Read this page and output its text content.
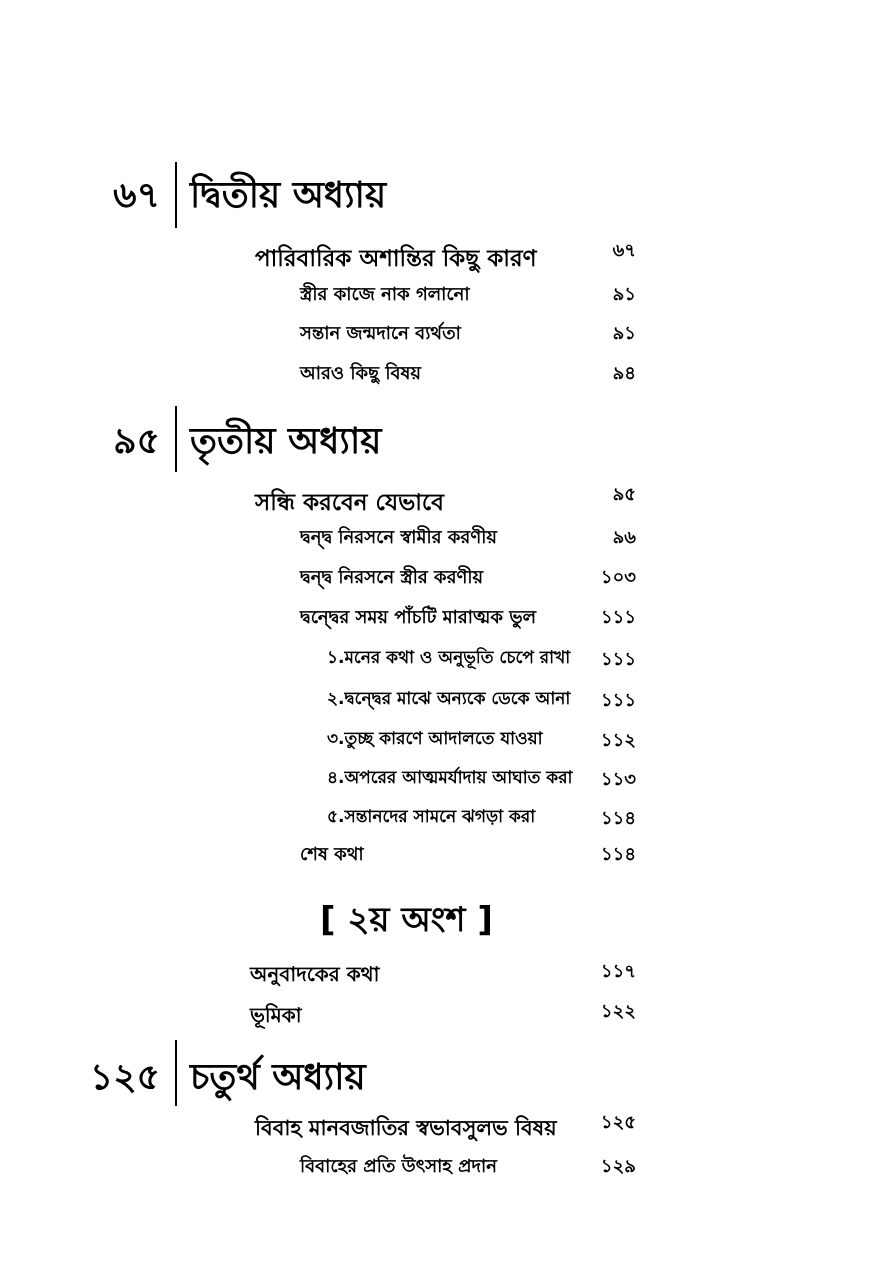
৬৭ দ্বিতীয় অধ্যায়
পারিবারিক অশান্তির কিছু কারণ	৬৭
স্ত্রীর কাজে নাক গলানো	৯১
সন্তান জন্মদানে ব্যর্থতা	৯১
আরও কিছু বিষয়	৯৪
৯৫ তৃতীয় অধ্যায়
সন্ধি করবেন যেভাবে	৯৫
দ্বন্দ্ব নিরসনে স্বামীর করণীয়	৯৬
দ্বন্দ্ব নিরসনে স্ত্রীর করণীয়	১০৩
দ্বন্দ্বের সময় পাঁচটি মারাত্মক ভুল	১১১
১.মনের কথা ও অনুভূতি চেপে রাখা	১১১
২.দ্বন্দ্বের মাঝে অন্যকে ডেকে আনা	১১১
৩.তুচ্ছ কারণে আদালতে যাওয়া	১১২
৪.অপরের আত্মমর্যাদায় আঘাত করা	১১৩
৫.সন্তানদের সামনে ঝগড়া করা	১১৪
শেষ কথা	১১৪
[ ২য় অংশ ]
অনুবাদকের কথা	১১৭
ভূমিকা	১২২
১২৫ চতুর্থ অধ্যায়
বিবাহ মানবজাতির স্বভাবসুলভ বিষয়	১২৫
বিবাহের প্রতি উৎসাহ প্রদান	১২৯
